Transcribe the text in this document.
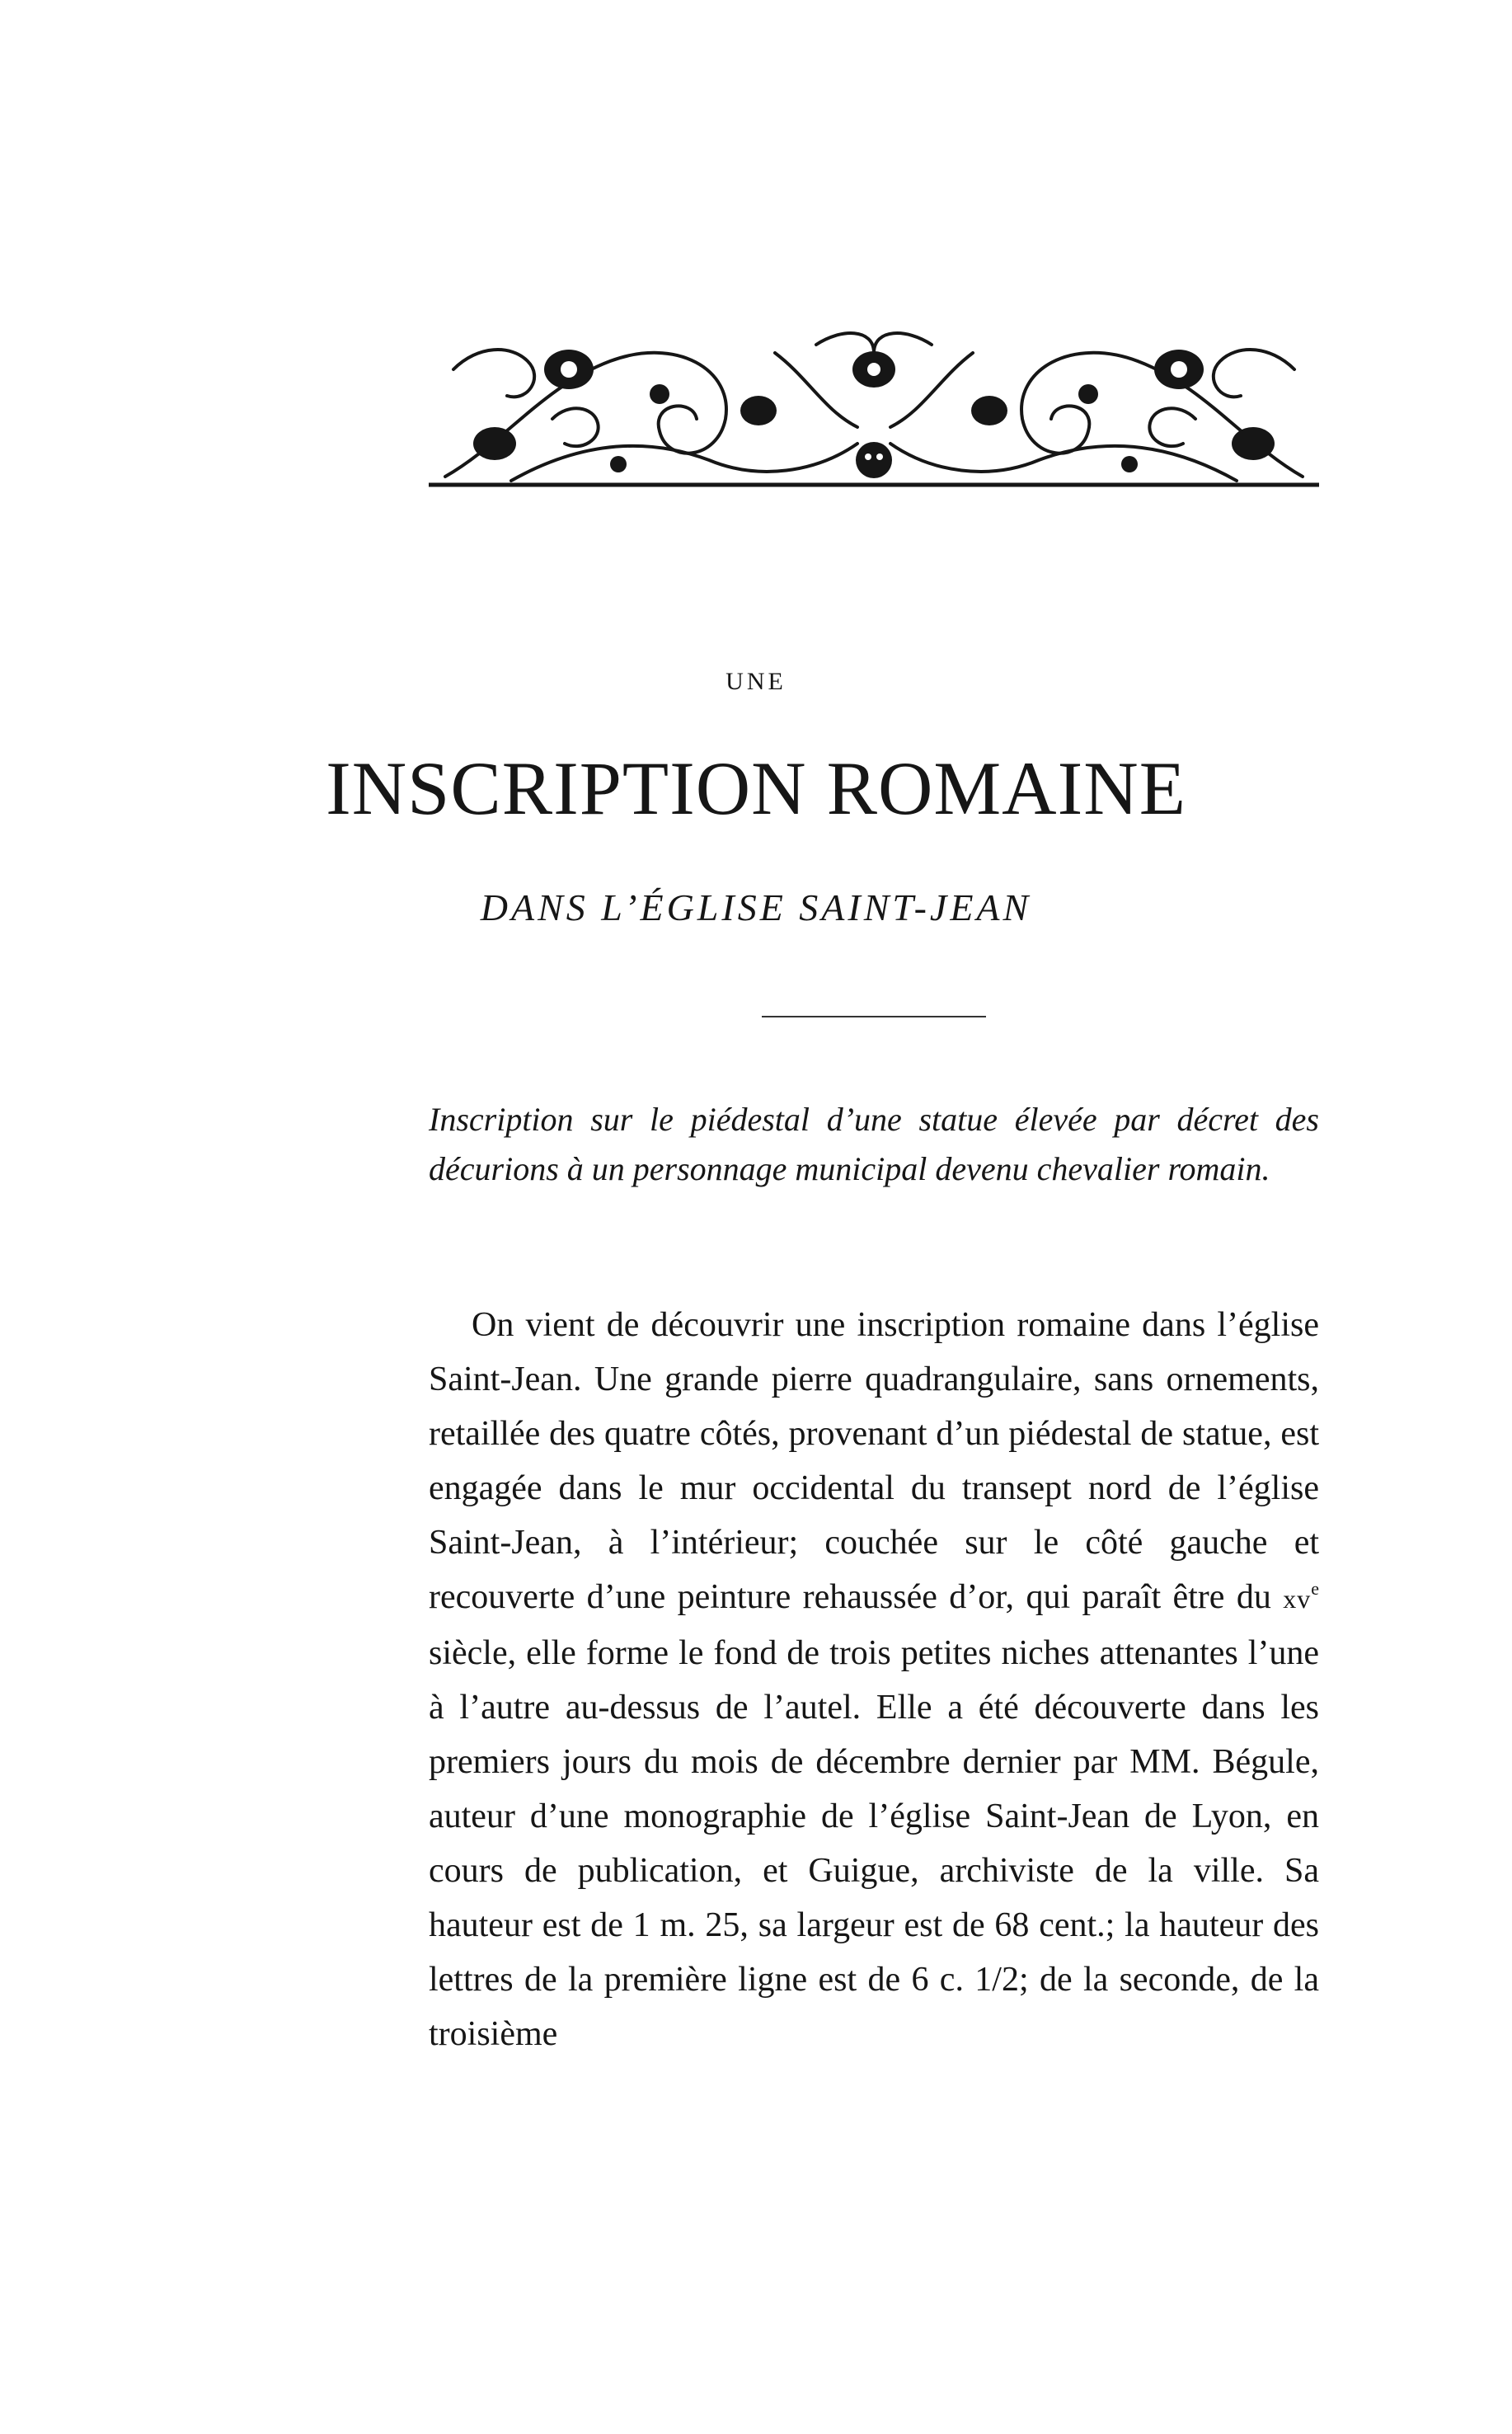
UNE
INSCRIPTION ROMAINE
DANS L’ÉGLISE SAINT-JEAN

Inscription sur le piédestal d’une statue élevée par décret des décurions à un personnage municipal devenu chevalier romain.

On vient de découvrir une inscription romaine dans l’église Saint-Jean. Une grande pierre quadrangulaire, sans ornements, retaillée des quatre côtés, provenant d’un piédestal de statue, est engagée dans le mur occidental du transept nord de l’église Saint-Jean, à l’intérieur; couchée sur le côté gauche et recouverte d’une peinture rehaussée d’or, qui paraît être du $xv^e$ siècle, elle forme le fond de trois petites niches attenantes l’une à l’autre au-dessus de l’autel. Elle a été découverte dans les premiers jours du mois de décembre dernier par MM. Bégule, auteur d’une monographie de l’église Saint-Jean de Lyon, en cours de publication, et Guigue, archiviste de la ville. Sa hauteur est de 1 m. 25, sa largeur est de 68 cent.; la hauteur des lettres de la première ligne est de 6 c. 1/2; de la seconde, de la troisième
